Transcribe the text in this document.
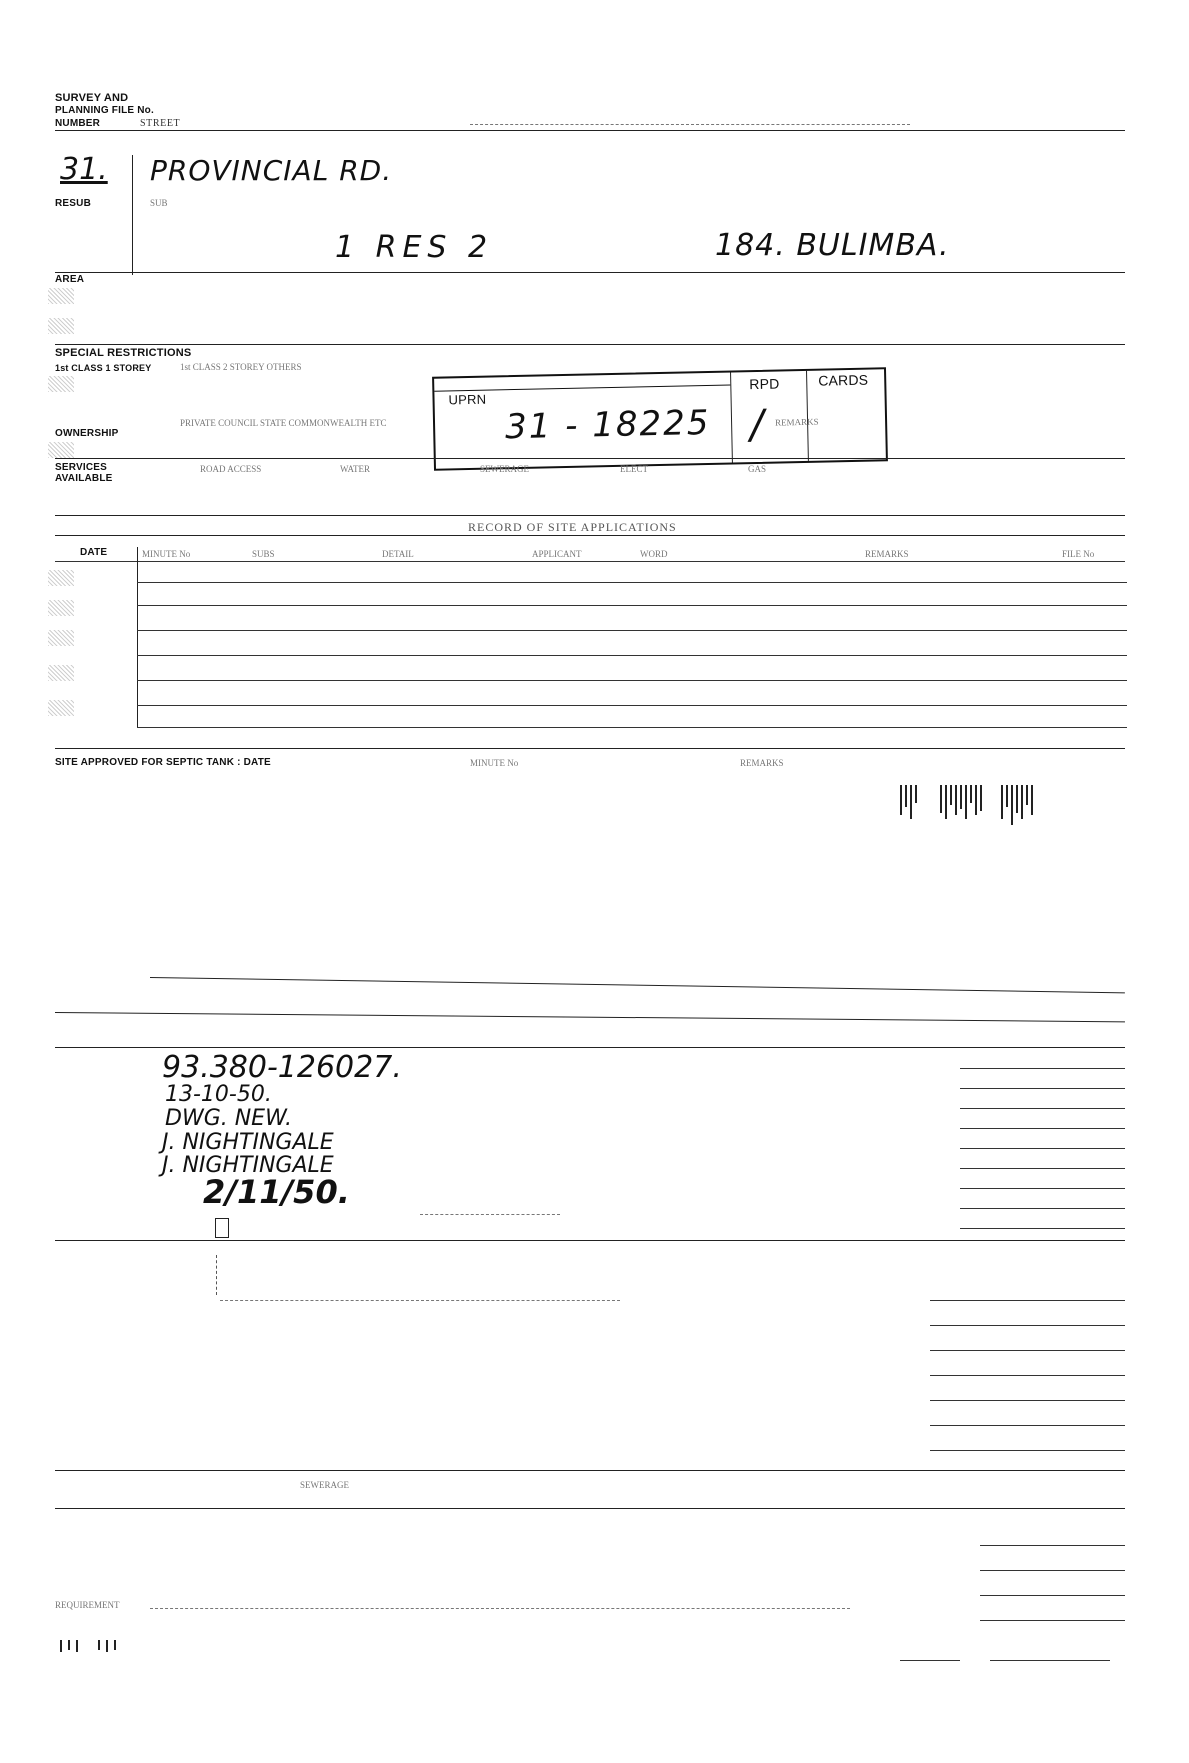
SURVEY AND
PLANNING FILE No.
NUMBER	STREET
31. PROVINCIAL RD.
RESUB	SUB
1 RES 2	184. BULIMBA.
AREA
SPECIAL RESTRICTIONS
1st CLASS 1 STOREY	1st CLASS 2 STOREY OTHERS
OWNERSHIP
PRIVATE COUNCIL STATE COMMONWEALTH ETC
UPRN
31 - 18225
RPD
/ REMARKS
CARDS
SERVICES
AVAILABLE
ROAD ACCESS	WATER	SEWERAGE	ELECT	GAS
RECORD OF SITE APPLICATIONS
DATE	MINUTE No	SUBS	DETAIL	APPLICANT	WORD	REMARKS	FILE No
SITE APPROVED FOR SEPTIC TANK : DATE	MINUTE No	REMARKS
93.380-126027.
13-10-50.
DWG. NEW.
J. NIGHTINGALE
J. NIGHTINGALE
2/11/50.
SEWERAGE
REQUIREMENT
